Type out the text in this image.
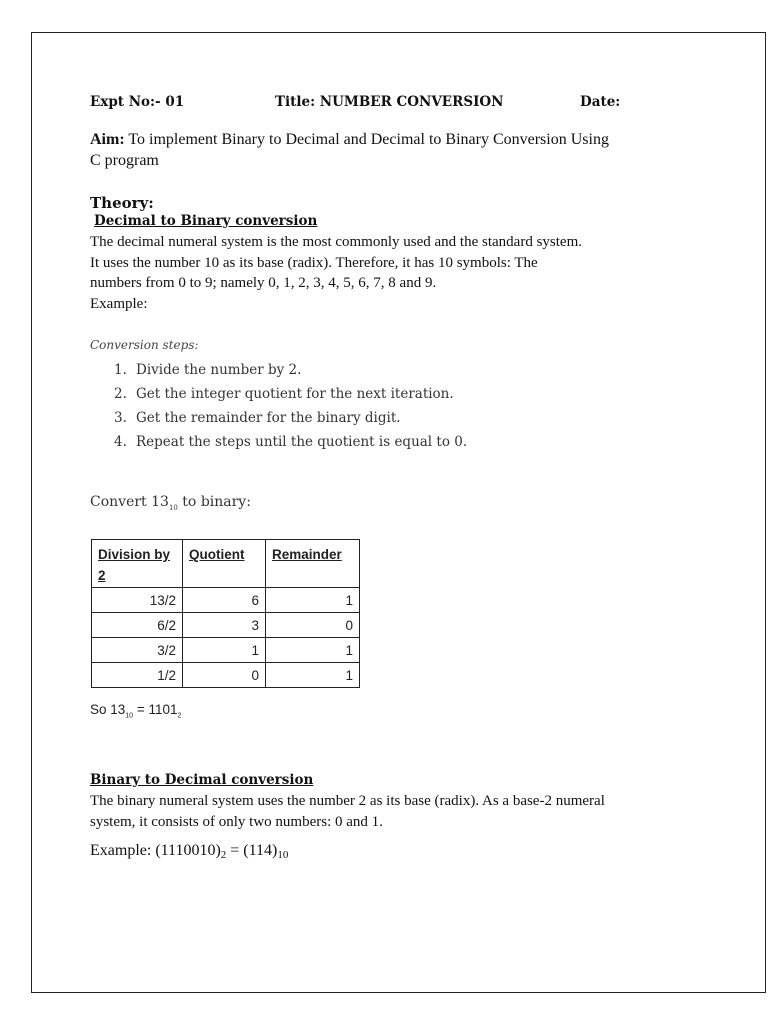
Expt No:- 01	Title: NUMBER CONVERSION	Date:
Aim: To implement Binary to Decimal and Decimal to Binary Conversion Using
C program
Theory:
Decimal to Binary conversion
The decimal numeral system is the most commonly used and the standard system.
It uses the number 10 as its base (radix). Therefore, it has 10 symbols: The
numbers from 0 to 9; namely 0, 1, 2, 3, 4, 5, 6, 7, 8 and 9.
Example:
Conversion steps:
1. Divide the number by 2.
2. Get the integer quotient for the next iteration.
3. Get the remainder for the binary digit.
4. Repeat the steps until the quotient is equal to 0.
Convert $13_{10}$ to binary:
Division by 2	Quotient	Remainder
13/2	6	1
6/2	3	0
3/2	1	1
1/2	0	1
So $13_{10} = 1101_2$
Binary to Decimal conversion
The binary numeral system uses the number 2 as its base (radix). As a base-2 numeral
system, it consists of only two numbers: 0 and 1.
Example: (1110010)2 = (114)10
